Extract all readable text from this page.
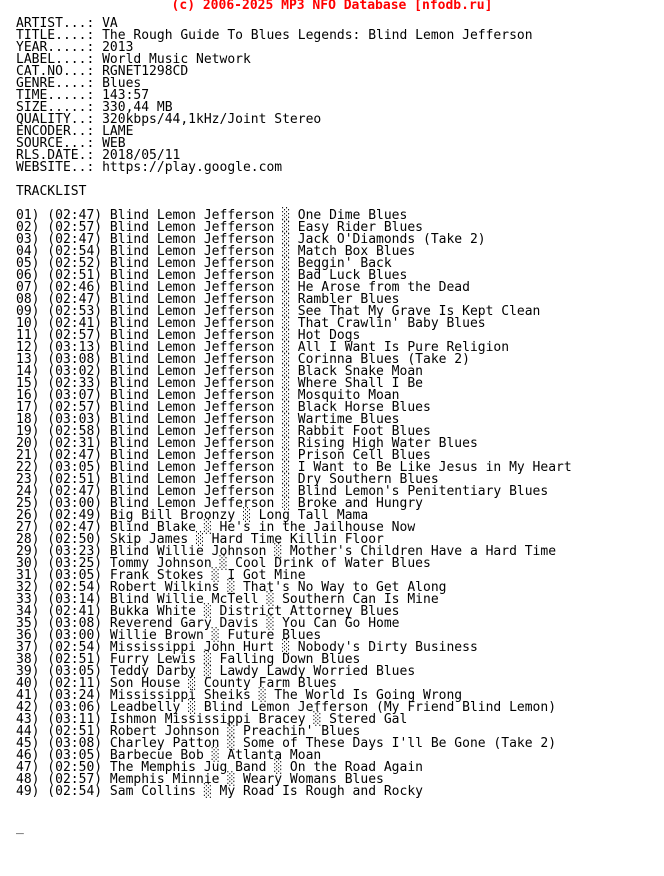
(c) 2006-2025 MP3 NFO Database [nfodb.ru]
ARTIST...: VA
TITLE....: The Rough Guide To Blues Legends: Blind Lemon Jefferson
YEAR.....: 2013
LABEL....: World Music Network
CAT.NO...: RGNET1298CD
GENRE....: Blues
TIME.....: 143:57
SIZE.....: 330,44 MB
QUALITY..: 320kbps/44,1kHz/Joint Stereo
ENCODER..: LAME
SOURCE...: WEB
RLS.DATE.: 2018/05/11
WEBSITE..: https://play.google.com
TRACKLIST
01) (02:47) Blind Lemon Jefferson ░ One Dime Blues
02) (02:57) Blind Lemon Jefferson ░ Easy Rider Blues
03) (02:47) Blind Lemon Jefferson ░ Jack O'Diamonds (Take 2)
04) (02:54) Blind Lemon Jefferson ░ Match Box Blues
05) (02:52) Blind Lemon Jefferson ░ Beggin' Back
06) (02:51) Blind Lemon Jefferson ░ Bad Luck Blues
07) (02:46) Blind Lemon Jefferson ░ He Arose from the Dead
08) (02:47) Blind Lemon Jefferson ░ Rambler Blues
09) (02:53) Blind Lemon Jefferson ░ See That My Grave Is Kept Clean
10) (02:41) Blind Lemon Jefferson ░ That Crawlin' Baby Blues
11) (02:57) Blind Lemon Jefferson ░ Hot Dogs
12) (03:13) Blind Lemon Jefferson ░ All I Want Is Pure Religion
13) (03:08) Blind Lemon Jefferson ░ Corinna Blues (Take 2)
14) (03:02) Blind Lemon Jefferson ░ Black Snake Moan
15) (02:33) Blind Lemon Jefferson ░ Where Shall I Be
16) (03:07) Blind Lemon Jefferson ░ Mosquito Moan
17) (02:57) Blind Lemon Jefferson ░ Black Horse Blues
18) (03:03) Blind Lemon Jefferson ░ Wartime Blues
19) (02:58) Blind Lemon Jefferson ░ Rabbit Foot Blues
20) (02:31) Blind Lemon Jefferson ░ Rising High Water Blues
21) (02:47) Blind Lemon Jefferson ░ Prison Cell Blues
22) (03:05) Blind Lemon Jefferson ░ I Want to Be Like Jesus in My Heart
23) (02:51) Blind Lemon Jefferson ░ Dry Southern Blues
24) (02:47) Blind Lemon Jefferson ░ Blind Lemon's Penitentiary Blues
25) (03:00) Blind Lemon Jefferson ░ Broke and Hungry
26) (02:49) Big Bill Broonzy ░ Long Tall Mama
27) (02:47) Blind Blake ░ He's in the Jailhouse Now
28) (02:50) Skip James ░ Hard Time Killin Floor
29) (03:23) Blind Willie Johnson ░ Mother's Children Have a Hard Time
30) (03:25) Tommy Johnson ░ Cool Drink of Water Blues
31) (03:05) Frank Stokes ░ I Got Mine
32) (02:54) Robert Wilkins ░ That's No Way to Get Along
33) (03:14) Blind Willie McTell ░ Southern Can Is Mine
34) (02:41) Bukka White ░ District Attorney Blues
35) (03:08) Reverend Gary Davis ░ You Can Go Home
36) (03:00) Willie Brown ░ Future Blues
37) (02:54) Mississippi John Hurt ░ Nobody's Dirty Business
38) (02:51) Furry Lewis ░ Falling Down Blues
39) (03:05) Teddy Darby ░ Lawdy Lawdy Worried Blues
40) (02:11) Son House ░ County Farm Blues
41) (03:24) Mississippi Sheiks ░ The World Is Going Wrong
42) (03:06) Leadbelly ░ Blind Lemon Jefferson (My Friend Blind Lemon)
43) (03:11) Ishmon Mississippi Bracey ░ Stered Gal
44) (02:51) Robert Johnson ░ Preachin' Blues
45) (03:08) Charley Patton ░ Some of These Days I'll Be Gone (Take 2)
46) (03:05) Barbecue Bob ░ Atlanta Moan
47) (02:50) The Memphis Jug Band ░ On the Road Again
48) (02:57) Memphis Minnie ░ Weary Womans Blues
49) (02:54) Sam Collins ░ My Road Is Rough and Rocky
_
